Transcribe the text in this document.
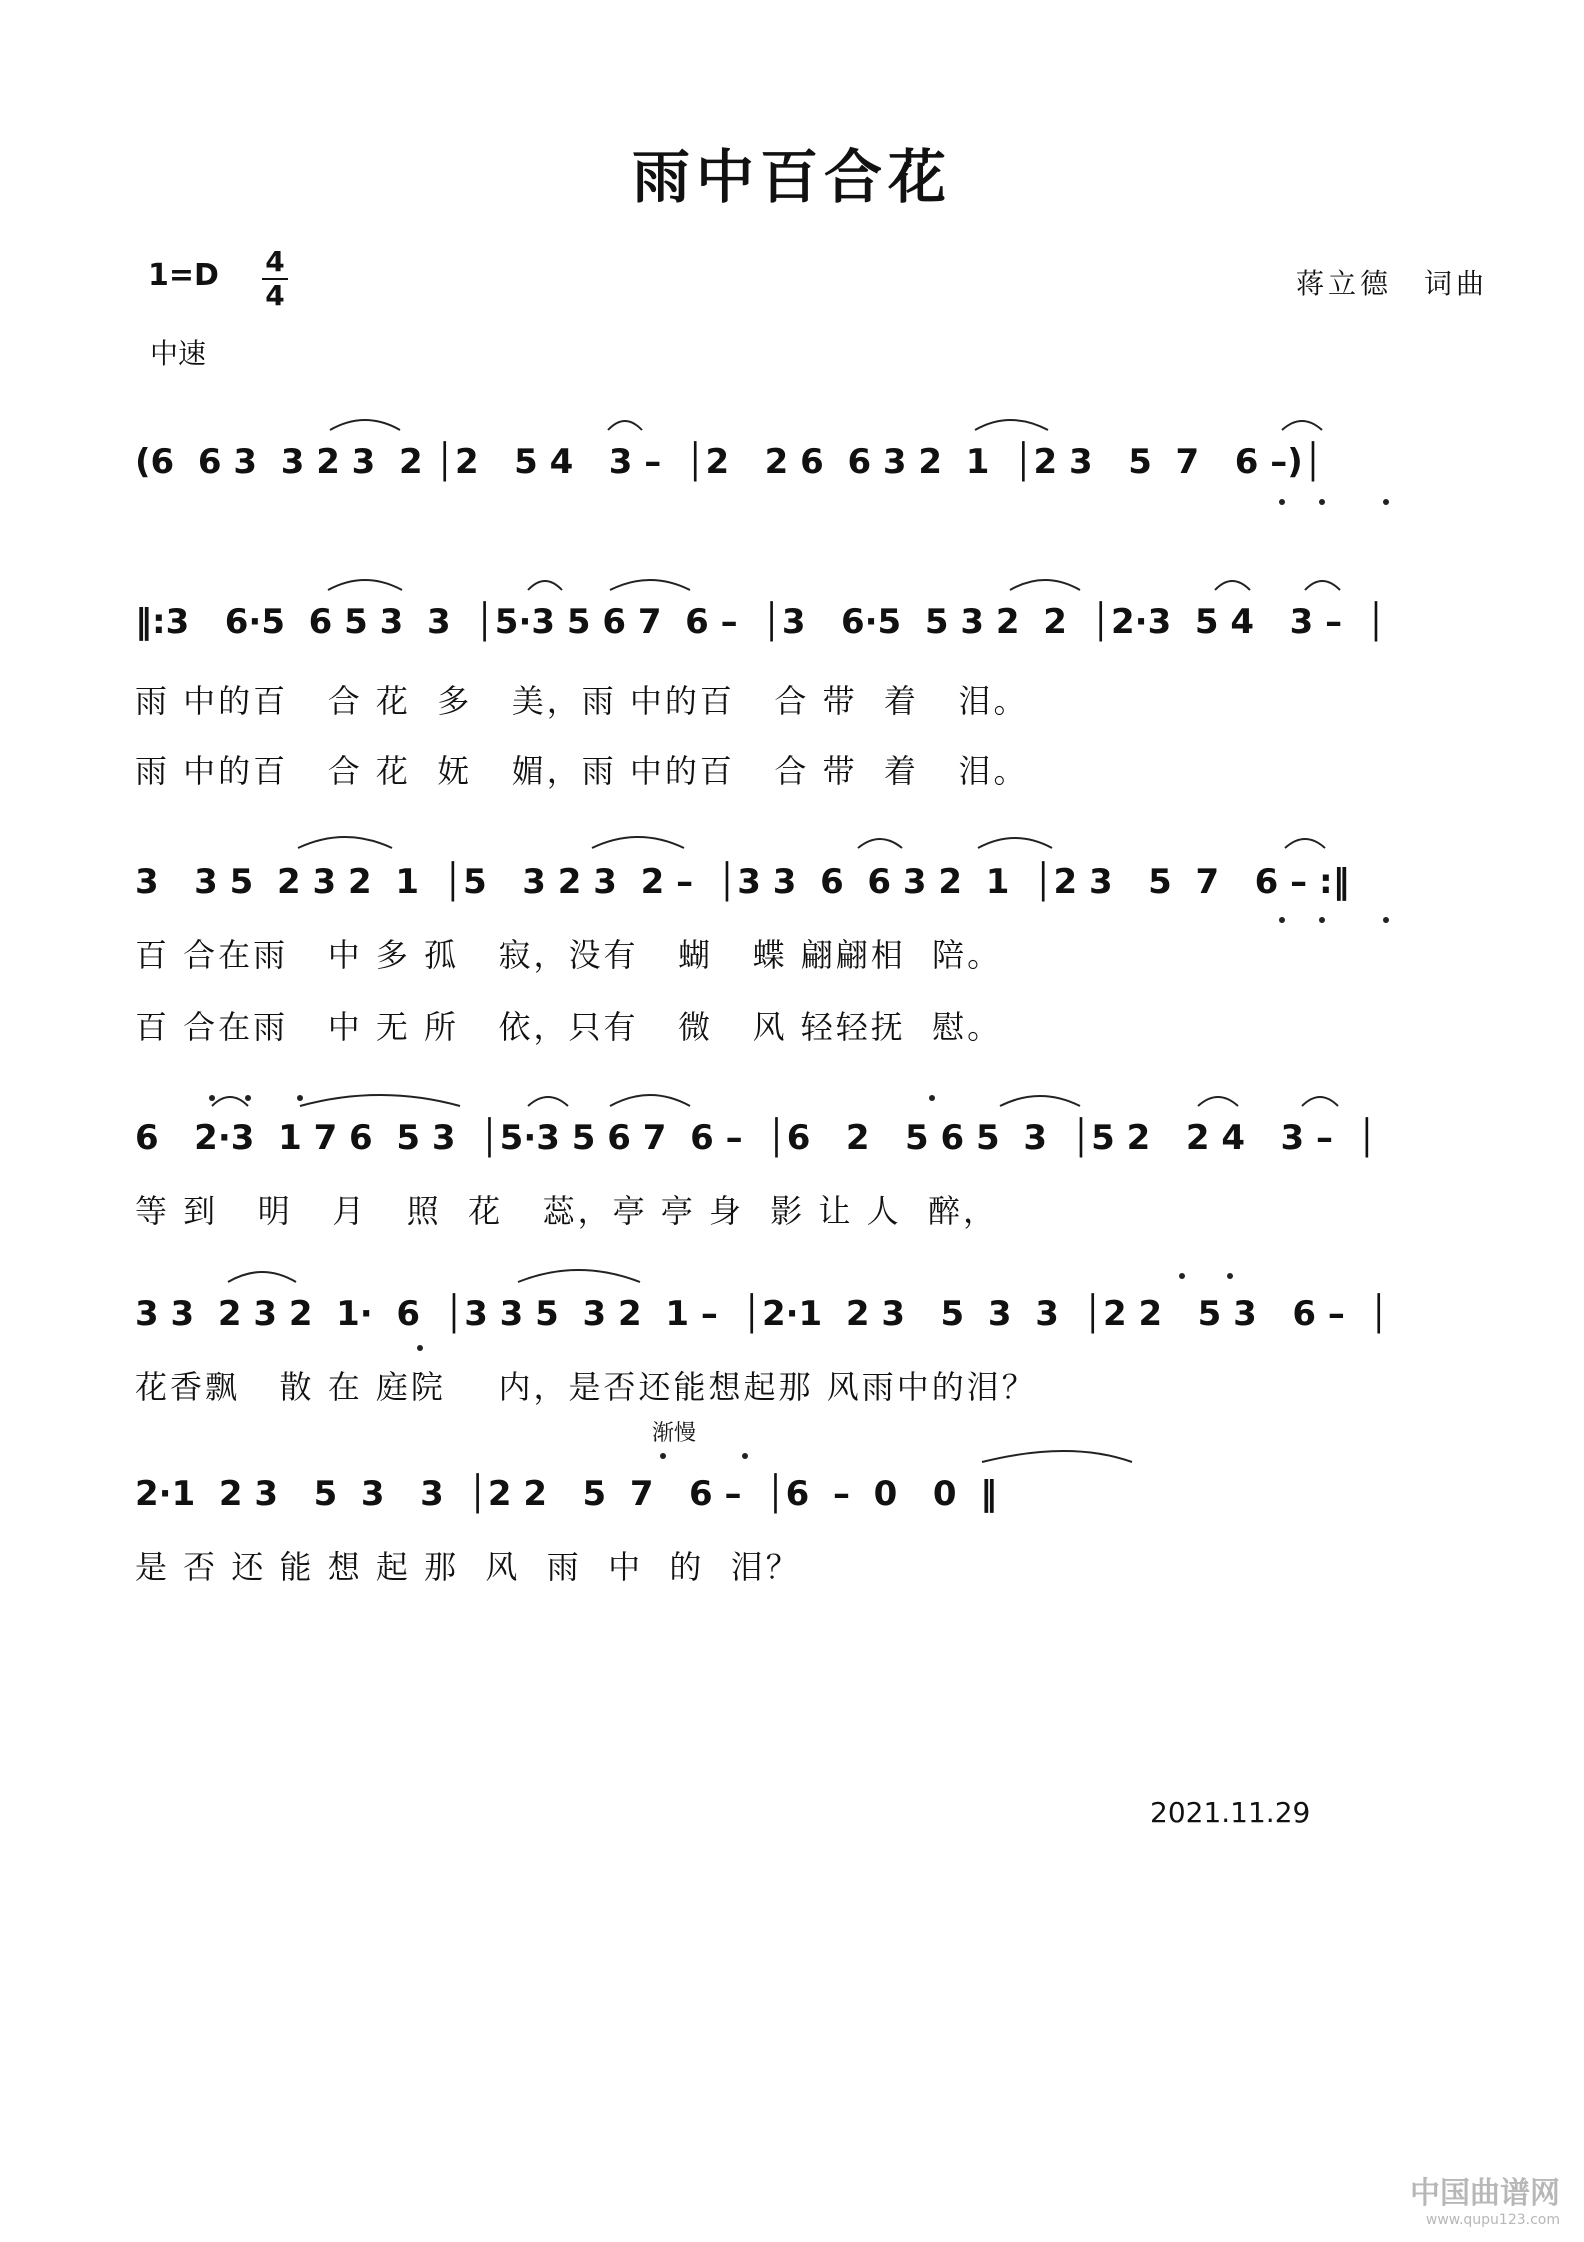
雨中百合花
1=D 4
4	蒋立德　词曲
中速
(6  6 3  3 2 3  2 │2   5 4   3 –  │2   2 6  6 3 2  1  │2 3   5  7   6 –)│
‖:3   6·5  6 5 3  3  │5·3 5 6 7  6 –  │3   6·5  5 3 2  2  │2·3  5 4   3 –  │
雨 中的百   合 花  多   美，雨 中的百   合 带  着   泪。
雨 中的百   合 花  妩   媚，雨 中的百   合 带  着   泪。
3   3 5  2 3 2  1  │5   3 2 3  2 –  │3 3  6  6 3 2  1  │2 3   5  7   6 – :‖
百 合在雨   中 多 孤   寂，没有   蝴   蝶 翩翩相  陪。
百 合在雨   中 无 所   依，只有   微   风 轻轻抚  慰。
6   2·3  1 7 6  5 3  │5·3 5 6 7  6 –  │6   2   5 6 5  3  │5 2   2 4   3 –  │
等 到   明   月   照  花   蕊，亭 亭 身  影 让 人  醉，
3 3  2 3 2  1·  6  │3 3 5  3 2  1 –  │2·1  2 3   5  3  3  │2 2   5 3   6 –  │
花香飘   散 在 庭院    内，是否还能想起那 风雨中的泪？
渐慢
2·1  2 3   5  3   3  │2 2   5  7   6 –  │6  –  0   0  ‖
是 否 还 能 想 起 那  风  雨  中  的  泪？
2021.11.29
中国曲谱网
www.qupu123.com
